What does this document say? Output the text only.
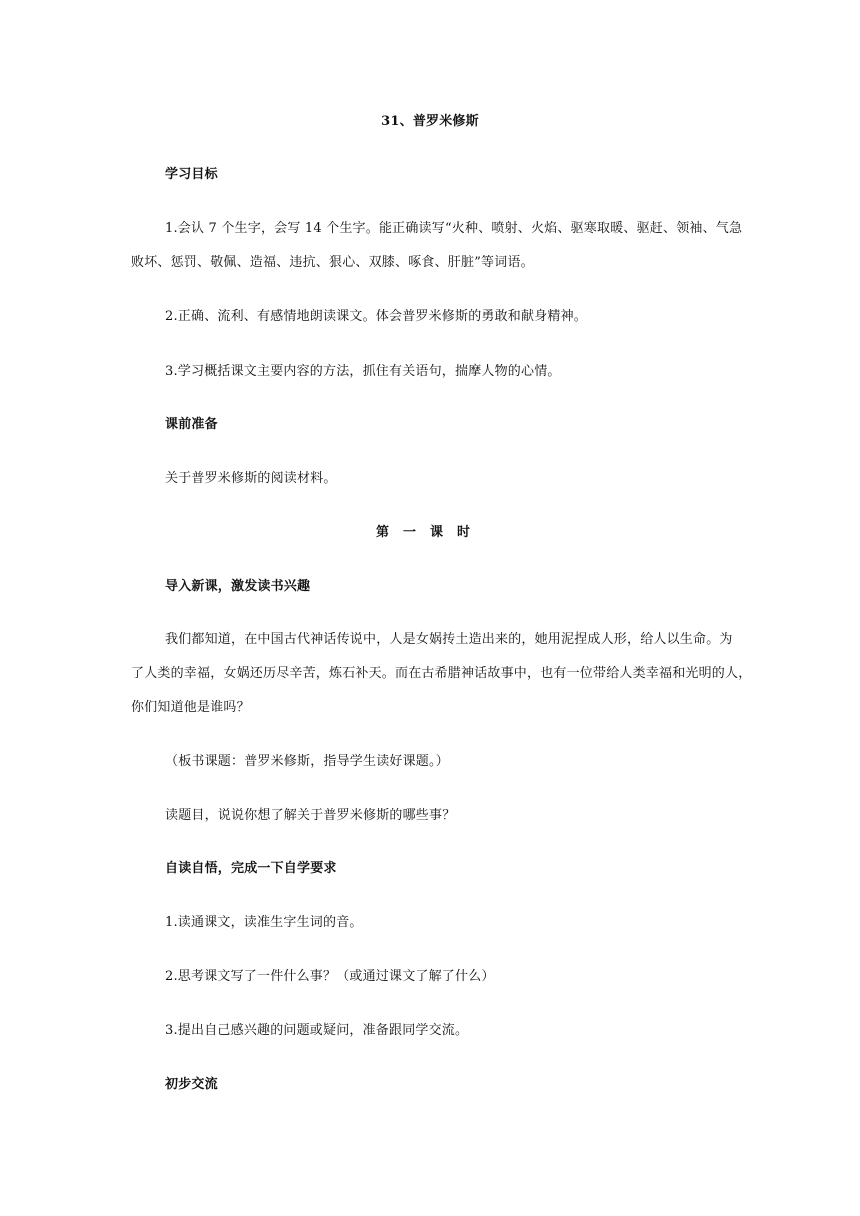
31、普罗米修斯
学习目标
1.会认 7 个生字，会写 14 个生字。能正确读写“火种、喷射、火焰、驱寒取暖、驱赶、领袖、气急
败坏、惩罚、敬佩、造福、违抗、狠心、双膝、啄食、肝脏”等词语。
2.正确、流利、有感情地朗读课文。体会普罗米修斯的勇敢和献身精神。
3.学习概括课文主要内容的方法，抓住有关语句，揣摩人物的心情。
课前准备
关于普罗米修斯的阅读材料。
第一课时
导入新课，激发读书兴趣
我们都知道，在中国古代神话传说中，人是女娲抟土造出来的，她用泥捏成人形，给人以生命。为
了人类的幸福，女娲还历尽辛苦，炼石补天。而在古希腊神话故事中，也有一位带给人类幸福和光明的人，
你们知道他是谁吗？
（板书课题：普罗米修斯，指导学生读好课题。）
读题目，说说你想了解关于普罗米修斯的哪些事？
自读自悟，完成一下自学要求
1.读通课文，读准生字生词的音。
2.思考课文写了一件什么事？（或通过课文了解了什么）
3.提出自己感兴趣的问题或疑问，准备跟同学交流。
初步交流
